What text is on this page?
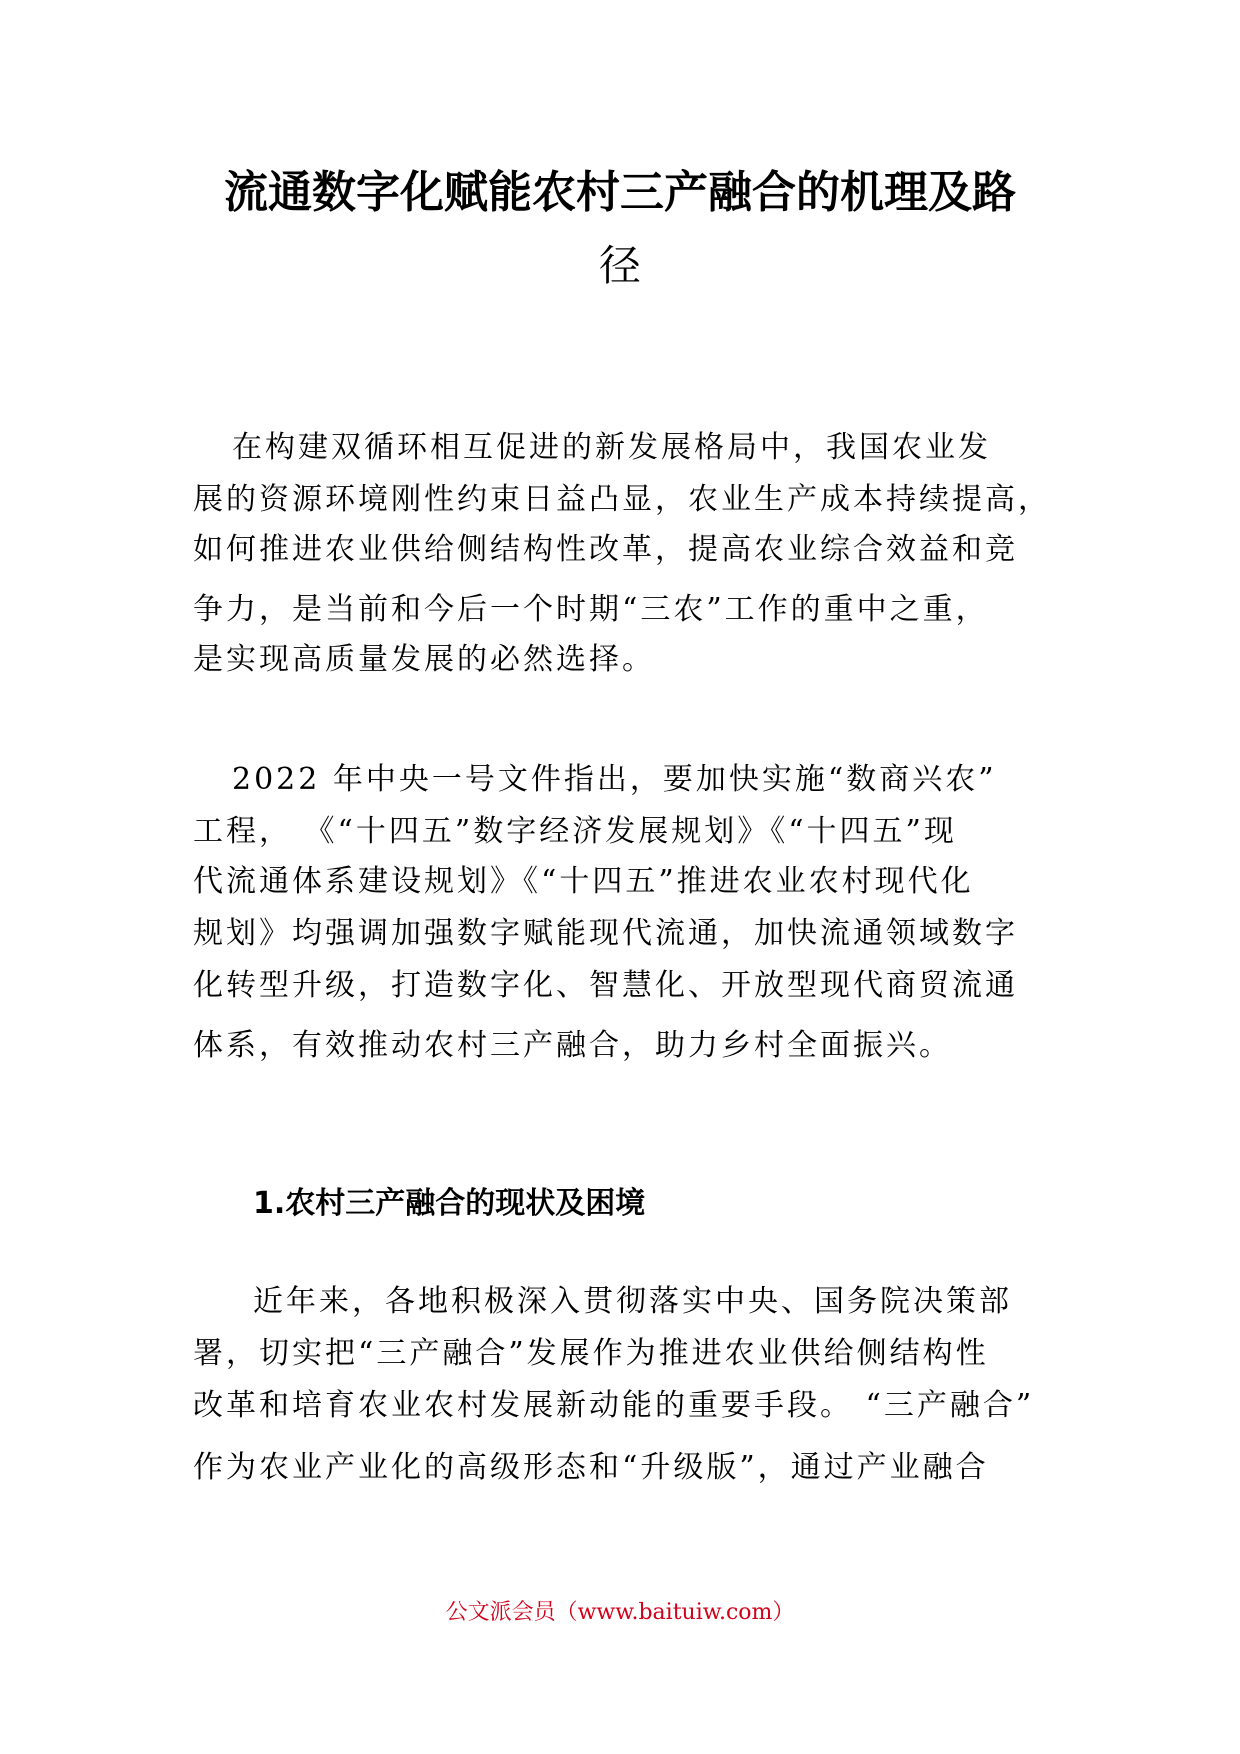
流通数字化赋能农村三产融合的机理及路
径

在构建双循环相互促进的新发展格局中，我国农业发

展的资源环境刚性约束日益凸显，农业生产成本持续提高，

如何推进农业供给侧结构性改革，提高农业综合效益和竞

争力，是当前和今后一个时期“三农”工作的重中之重，

是实现高质量发展的必然选择。

2022 年中央一号文件指出，要加快实施“数商兴农”

工程， 《“十四五”数字经济发展规划》《“十四五”现

代流通体系建设规划》《“十四五”推进农业农村现代化

规划》均强调加强数字赋能现代流通，加快流通领域数字

化转型升级，打造数字化、智慧化、开放型现代商贸流通

体系，有效推动农村三产融合，助力乡村全面振兴。

1.农村三产融合的现状及困境

近年来，各地积极深入贯彻落实中央、国务院决策部

署，切实把“三产融合”发展作为推进农业供给侧结构性

改革和培育农业农村发展新动能的重要手段。 “三产融合”

作为农业产业化的高级形态和“升级版”，通过产业融合

公文派会员（www.baituiw.com）
